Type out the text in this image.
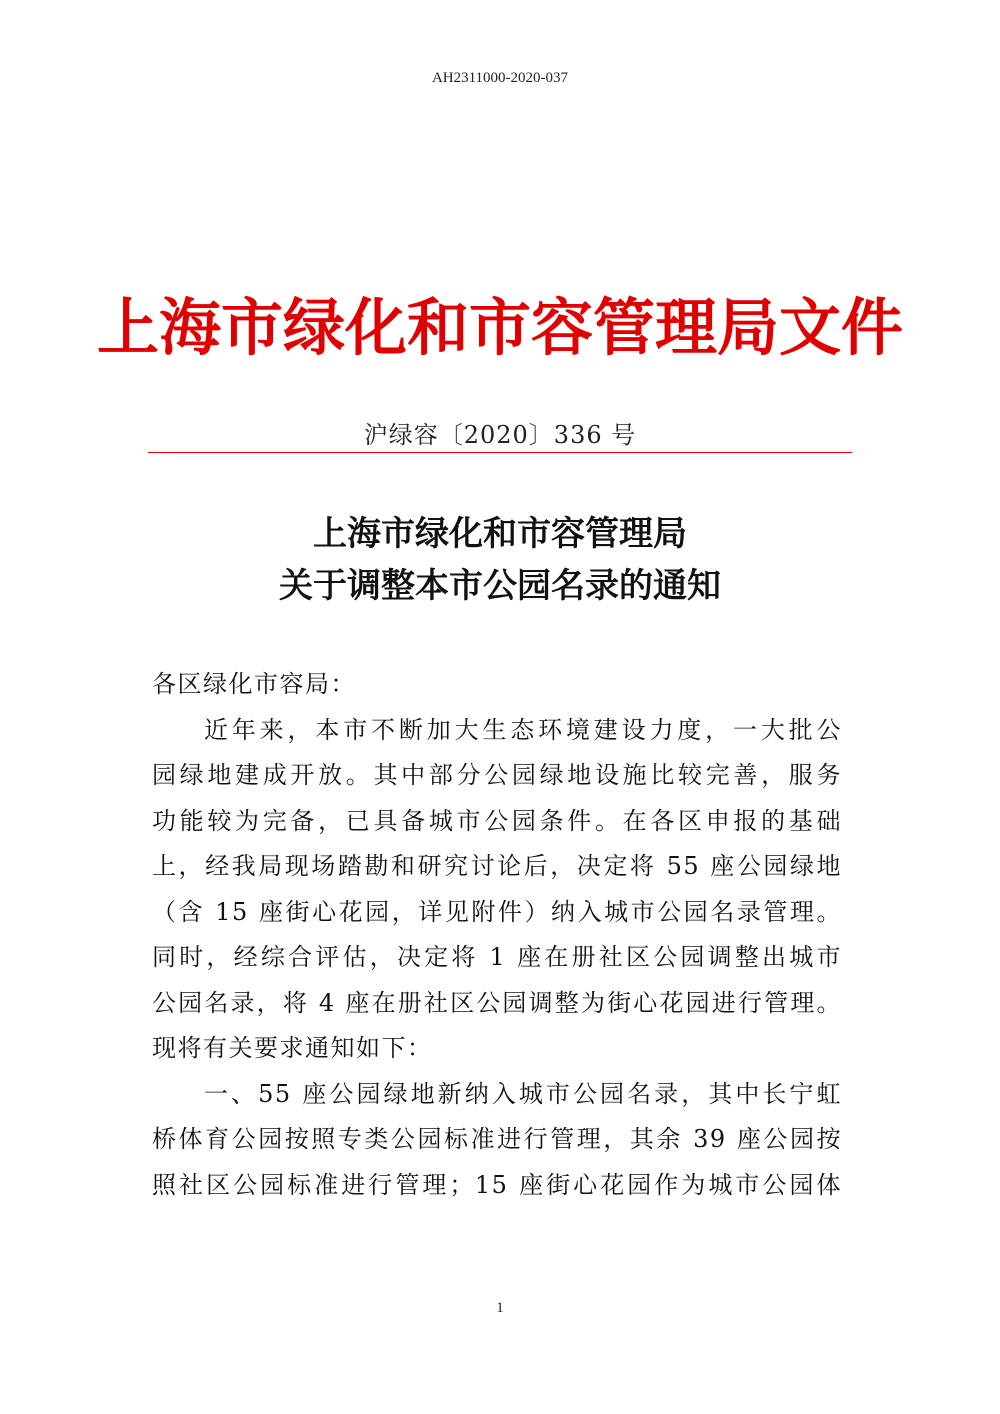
AH2311000-2020-037
上海市绿化和市容管理局文件
沪绿容〔2020〕336 号
上海市绿化和市容管理局
关于调整本市公园名录的通知
各区绿化市容局：
近年来，本市不断加大生态环境建设力度，一大批公
园绿地建成开放。其中部分公园绿地设施比较完善，服务
功能较为完备，已具备城市公园条件。在各区申报的基础
上，经我局现场踏勘和研究讨论后，决定将 55 座公园绿地
（含 15 座街心花园，详见附件）纳入城市公园名录管理。
同时，经综合评估，决定将 1 座在册社区公园调整出城市
公园名录，将 4 座在册社区公园调整为街心花园进行管理。
现将有关要求通知如下：
一、55 座公园绿地新纳入城市公园名录，其中长宁虹
桥体育公园按照专类公园标准进行管理，其余 39 座公园按
照社区公园标准进行管理；15 座街心花园作为城市公园体
1
